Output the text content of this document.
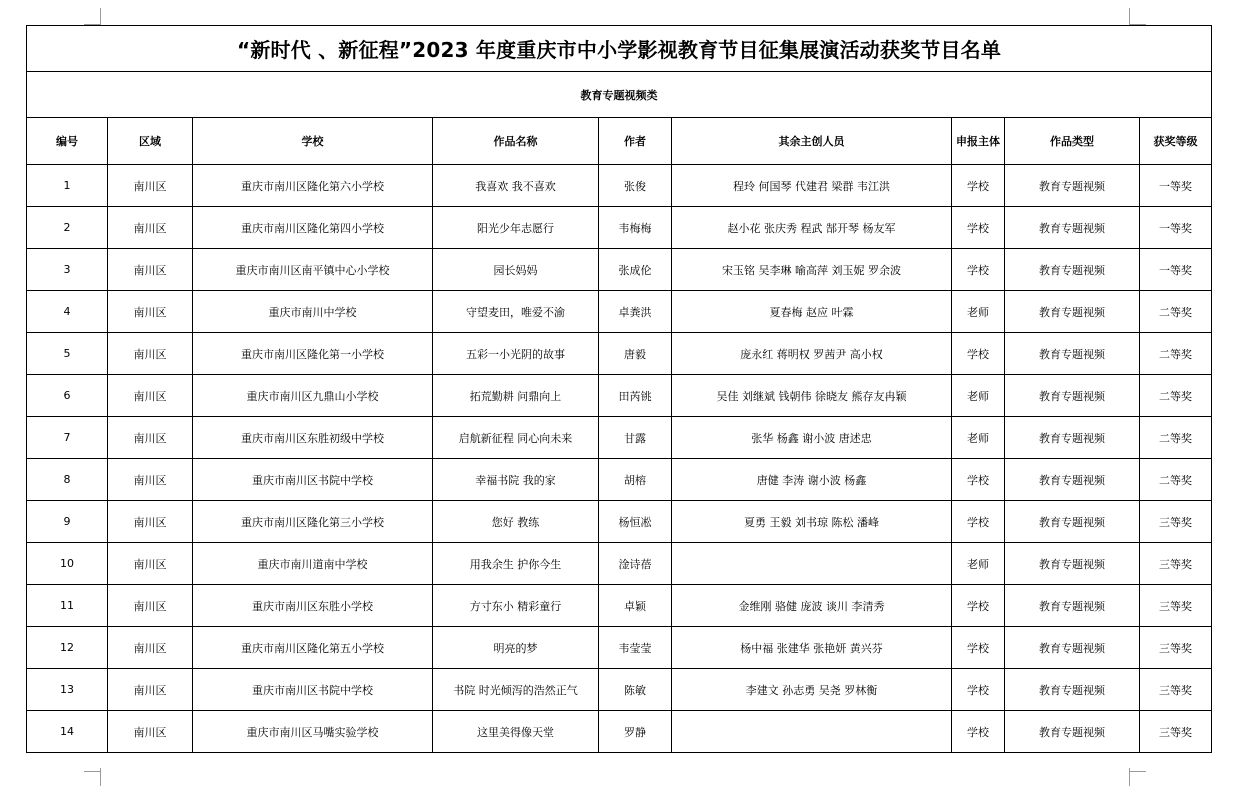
“新时代 、新征程”2023 年度重庆市中小学影视教育节目征集展演活动获奖节目名单								
教育专题视频类								
编号	区域	学校	作品名称	作者	其余主创人员	申报主体	作品类型	获奖等级
1	南川区	重庆市南川区隆化第六小学校	我喜欢 我不喜欢	张俊	程玲 何国琴 代建君 梁群 韦江洪	学校	教育专题视频	一等奖
2	南川区	重庆市南川区隆化第四小学校	阳光少年志愿行	韦梅梅	赵小花 张庆秀 程武 郜开琴 杨友军	学校	教育专题视频	一等奖
3	南川区	重庆市南川区南平镇中心小学校	园长妈妈	张成伦	宋玉铭 吴李琳 喻高萍 刘玉妮 罗余波	学校	教育专题视频	一等奖
4	南川区	重庆市南川中学校	守望麦田，唯爱不渝	卓粪洪	夏春梅 赵应 叶霖	老师	教育专题视频	二等奖
5	南川区	重庆市南川区隆化第一小学校	五彩一小光阴的故事	唐毅	庞永红 蒋明权 罗茜尹 高小权	学校	教育专题视频	二等奖
6	南川区	重庆市南川区九鼎山小学校	拓荒勤耕 问鼎向上	田芮铫	吴佳 刘继斌 钱朝伟 徐晓友 熊存友冉颖	老师	教育专题视频	二等奖
7	南川区	重庆市南川区东胜初级中学校	启航新征程 同心向未来	甘露	张华 杨鑫 谢小波 唐述忠	老师	教育专题视频	二等奖
8	南川区	重庆市南川区书院中学校	幸福书院 我的家	胡榕	唐健 李涛 谢小波 杨鑫	学校	教育专题视频	二等奖
9	南川区	重庆市南川区隆化第三小学校	您好 教练	杨恒凇	夏勇 王毅 刘书琼 陈松 潘峰	学校	教育专题视频	三等奖
10	南川区	重庆市南川道南中学校	用我余生 护你今生	淦诗蓓		老师	教育专题视频	三等奖
11	南川区	重庆市南川区东胜小学校	方寸东小 精彩童行	卓颖	金维刚 骆健 庞波 谈川 李清秀	学校	教育专题视频	三等奖
12	南川区	重庆市南川区隆化第五小学校	明亮的梦	韦莹莹	杨中福 张建华 张艳妍 黄兴芬	学校	教育专题视频	三等奖
13	南川区	重庆市南川区书院中学校	书院 时光倾泻的浩然正气	陈敏	李建文 孙志勇 吴尧 罗林衡	学校	教育专题视频	三等奖
14	南川区	重庆市南川区马嘴实验学校	这里美得像天堂	罗静		学校	教育专题视频	三等奖
